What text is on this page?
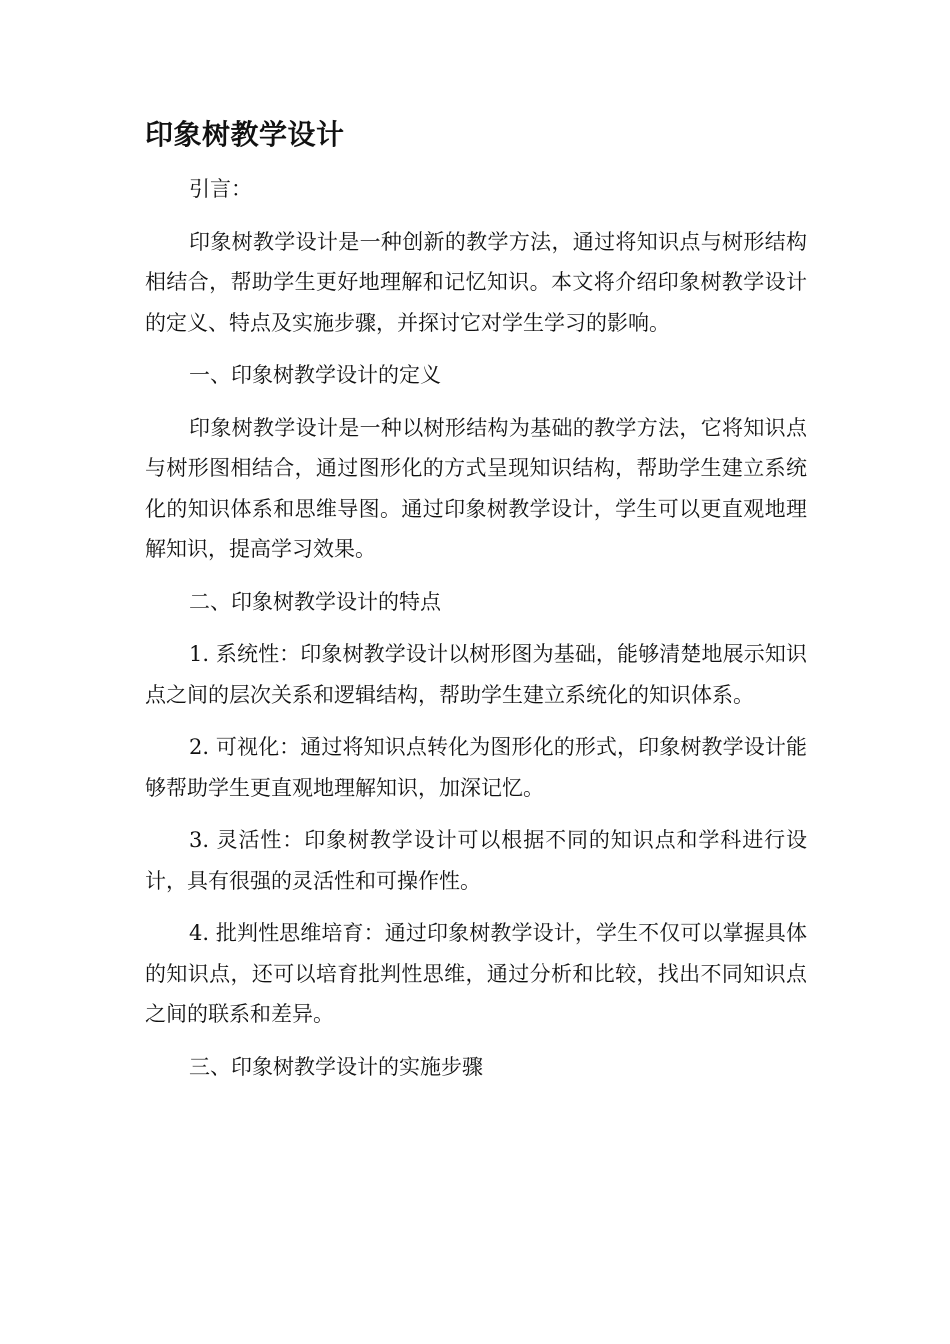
印象树教学设计

引言：

印象树教学设计是一种创新的教学方法，通过将知识点与树形结构相结合，帮助学生更好地理解和记忆知识。本文将介绍印象树教学设计的定义、特点及实施步骤，并探讨它对学生学习的影响。

一、印象树教学设计的定义

印象树教学设计是一种以树形结构为基础的教学方法，它将知识点与树形图相结合，通过图形化的方式呈现知识结构，帮助学生建立系统化的知识体系和思维导图。通过印象树教学设计，学生可以更直观地理解知识，提高学习效果。

二、印象树教学设计的特点

1. 系统性：印象树教学设计以树形图为基础，能够清楚地展示知识点之间的层次关系和逻辑结构，帮助学生建立系统化的知识体系。

2. 可视化：通过将知识点转化为图形化的形式，印象树教学设计能够帮助学生更直观地理解知识，加深记忆。

3. 灵活性：印象树教学设计可以根据不同的知识点和学科进行设计，具有很强的灵活性和可操作性。

4. 批判性思维培育：通过印象树教学设计，学生不仅可以掌握具体的知识点，还可以培育批判性思维，通过分析和比较，找出不同知识点之间的联系和差异。

三、印象树教学设计的实施步骤
